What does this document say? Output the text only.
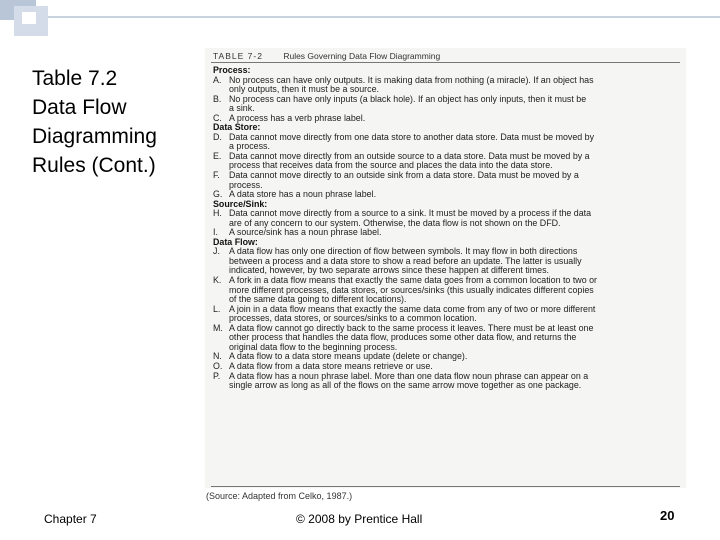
Table 7.2
Data Flow
Diagramming
Rules (Cont.)
TABLE 7-2 Rules Governing Data Flow Diagramming
Process:
A. No process can have only outputs. It is making data from nothing (a miracle). If an object has
only outputs, then it must be a source.
B. No process can have only inputs (a black hole). If an object has only inputs, then it must be
a sink.
C. A process has a verb phrase label.
Data Store:
D. Data cannot move directly from one data store to another data store. Data must be moved by
a process.
E. Data cannot move directly from an outside source to a data store. Data must be moved by a
process that receives data from the source and places the data into the data store.
F. Data cannot move directly to an outside sink from a data store. Data must be moved by a
process.
G. A data store has a noun phrase label.
Source/Sink:
H. Data cannot move directly from a source to a sink. It must be moved by a process if the data
are of any concern to our system. Otherwise, the data flow is not shown on the DFD.
I. A source/sink has a noun phrase label.
Data Flow:
J. A data flow has only one direction of flow between symbols. It may flow in both directions
between a process and a data store to show a read before an update. The latter is usually
indicated, however, by two separate arrows since these happen at different times.
K. A fork in a data flow means that exactly the same data goes from a common location to two or
more different processes, data stores, or sources/sinks (this usually indicates different copies
of the same data going to different locations).
L. A join in a data flow means that exactly the same data come from any of two or more different
processes, data stores, or sources/sinks to a common location.
M. A data flow cannot go directly back to the same process it leaves. There must be at least one
other process that handles the data flow, produces some other data flow, and returns the
original data flow to the beginning process.
N. A data flow to a data store means update (delete or change).
O. A data flow from a data store means retrieve or use.
P. A data flow has a noun phrase label. More than one data flow noun phrase can appear on a
single arrow as long as all of the flows on the same arrow move together as one package.
(Source: Adapted from Celko, 1987.)
Chapter 7	© 2008 by Prentice Hall	20
